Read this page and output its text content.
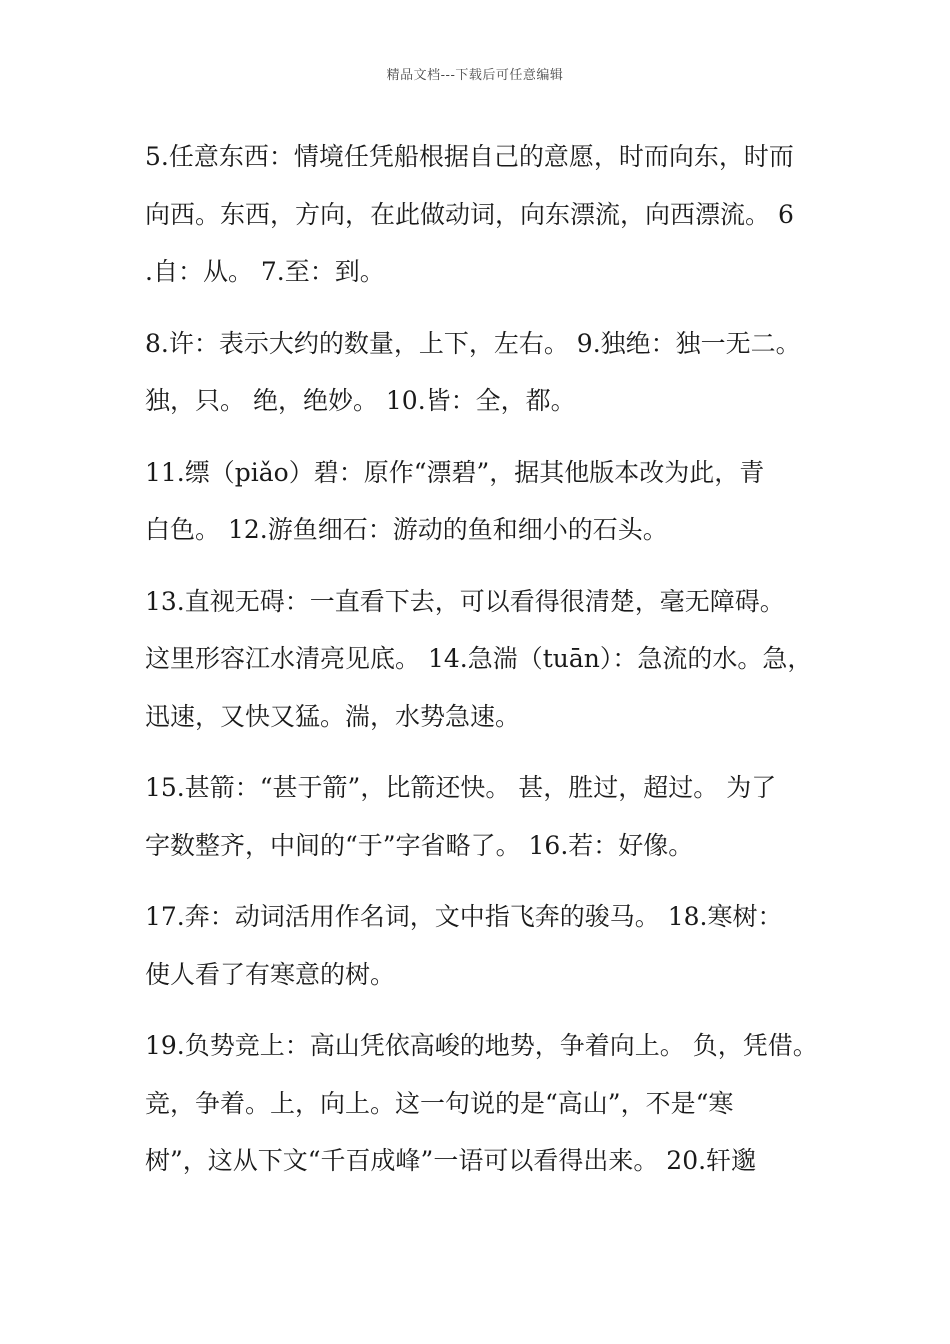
精品文档---下载后可任意编辑
5.任意东西：情境任凭船根据自己的意愿，时而向东，时而
向西。东西，方向，在此做动词，向东漂流，向西漂流。 6
.自：从。 7.至：到。
8.许：表示大约的数量，上下，左右。 9.独绝：独一无二。
独，只。 绝，绝妙。 10.皆：全，都。
11.缥（piǎo）碧：原作“漂碧”，据其他版本改为此，青
白色。 12.游鱼细石：游动的鱼和细小的石头。
13.直视无碍：一直看下去，可以看得很清楚，毫无障碍。
这里形容江水清亮见底。 14.急湍（tuān）：急流的水。急，
迅速，又快又猛。湍，水势急速。
15.甚箭：“甚于箭”，比箭还快。 甚，胜过，超过。 为了
字数整齐，中间的“于”字省略了。 16.若：好像。
17.奔：动词活用作名词，文中指飞奔的骏马。 18.寒树：
使人看了有寒意的树。
19.负势竞上：高山凭依高峻的地势，争着向上。 负，凭借。
竞，争着。上，向上。这一句说的是“高山”，不是“寒
树”，这从下文“千百成峰”一语可以看得出来。 20.轩邈
